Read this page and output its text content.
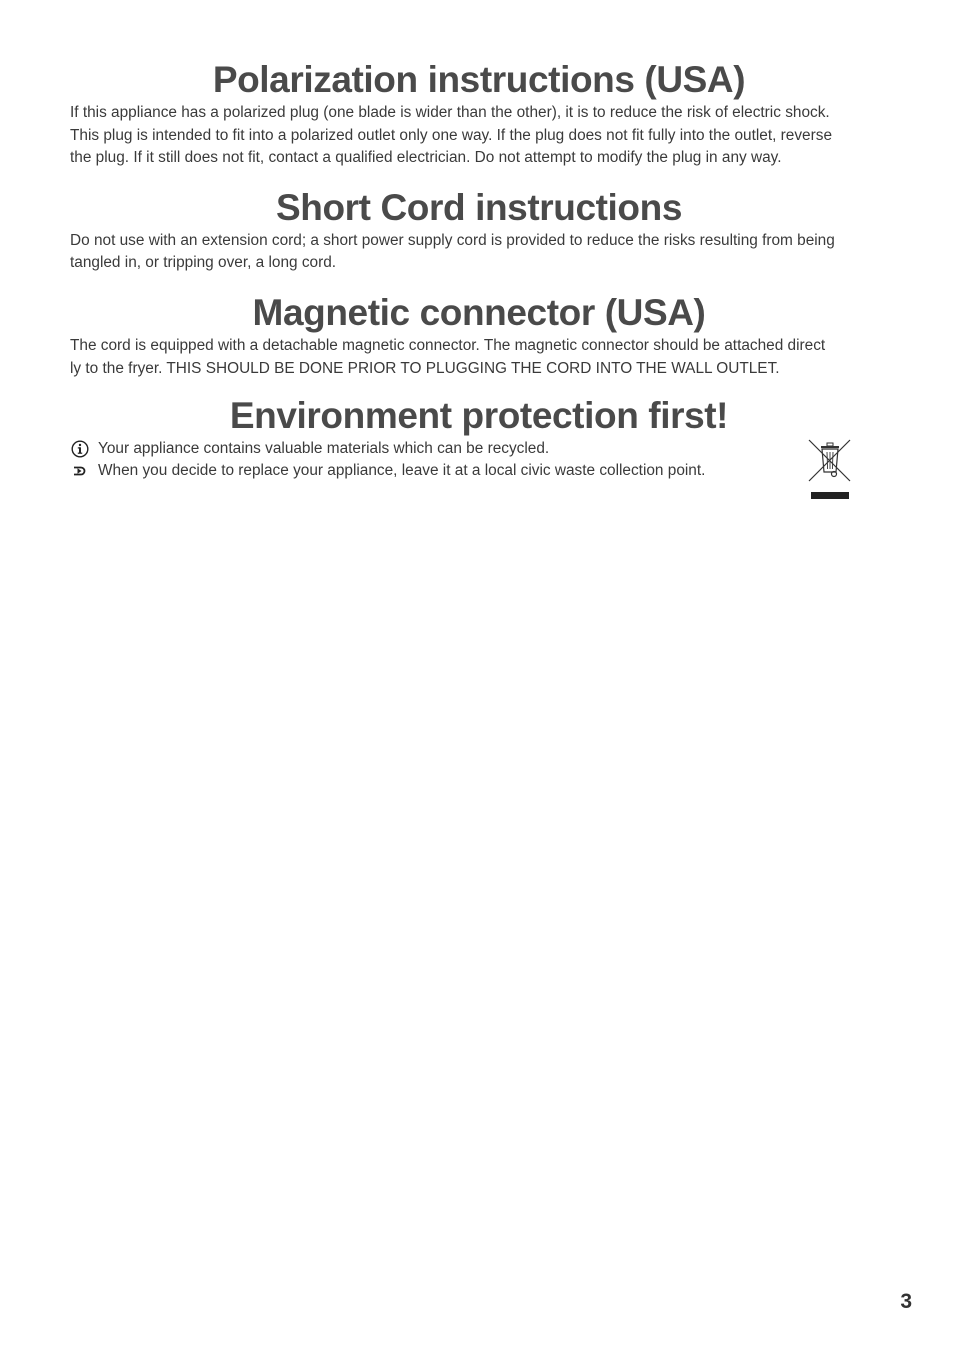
Polarization instructions (USA)

If this appliance has a polarized plug (one blade is wider than the other), it is to reduce the risk of electric shock.
This plug is intended to fit into a polarized outlet only one way. If the plug does not fit fully into the outlet, reverse
the plug. If it still does not fit, contact a qualified electrician. Do not attempt to modify the plug in any way.

Short Cord instructions

Do not use with an extension cord; a short power supply cord is provided to reduce the risks resulting from being
tangled in, or tripping over, a long cord.

Magnetic connector (USA)

The cord is equipped with a detachable magnetic connector. The magnetic connector should be attached direct
ly to the fryer. THIS SHOULD BE DONE PRIOR TO PLUGGING THE CORD INTO THE WALL OUTLET.

Environment protection first!
Your appliance contains valuable materials which can be recycled.
When you decide to replace your appliance, leave it at a local civic waste collection point.
3
